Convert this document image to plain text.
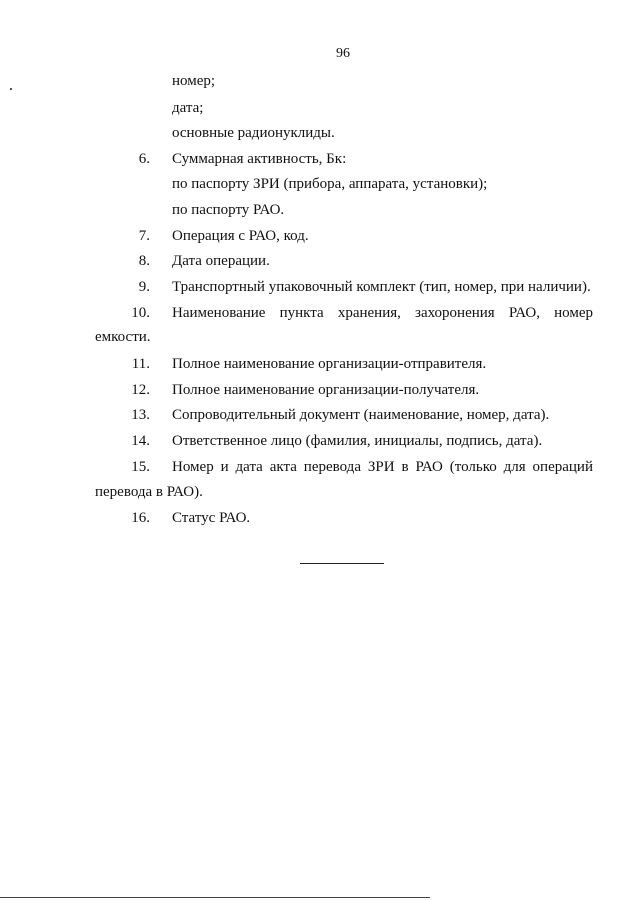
96
номер;
дата;
основные радионуклиды.
6. Суммарная активность, Бк:
по паспорту ЗРИ (прибора, аппарата, установки);
по паспорту РАО.
7. Операция с РАО, код.
8. Дата операции.
9. Транспортный упаковочный комплект (тип, номер, при наличии).
10. Наименование пункта хранения, захоронения РАО, номер
емкости.
11. Полное наименование организации-отправителя.
12. Полное наименование организации-получателя.
13. Сопроводительный документ (наименование, номер, дата).
14. Ответственное лицо (фамилия, инициалы, подпись, дата).
15. Номер и дата акта перевода ЗРИ в РАО (только для операций
перевода в РАО).
16. Статус РАО.
